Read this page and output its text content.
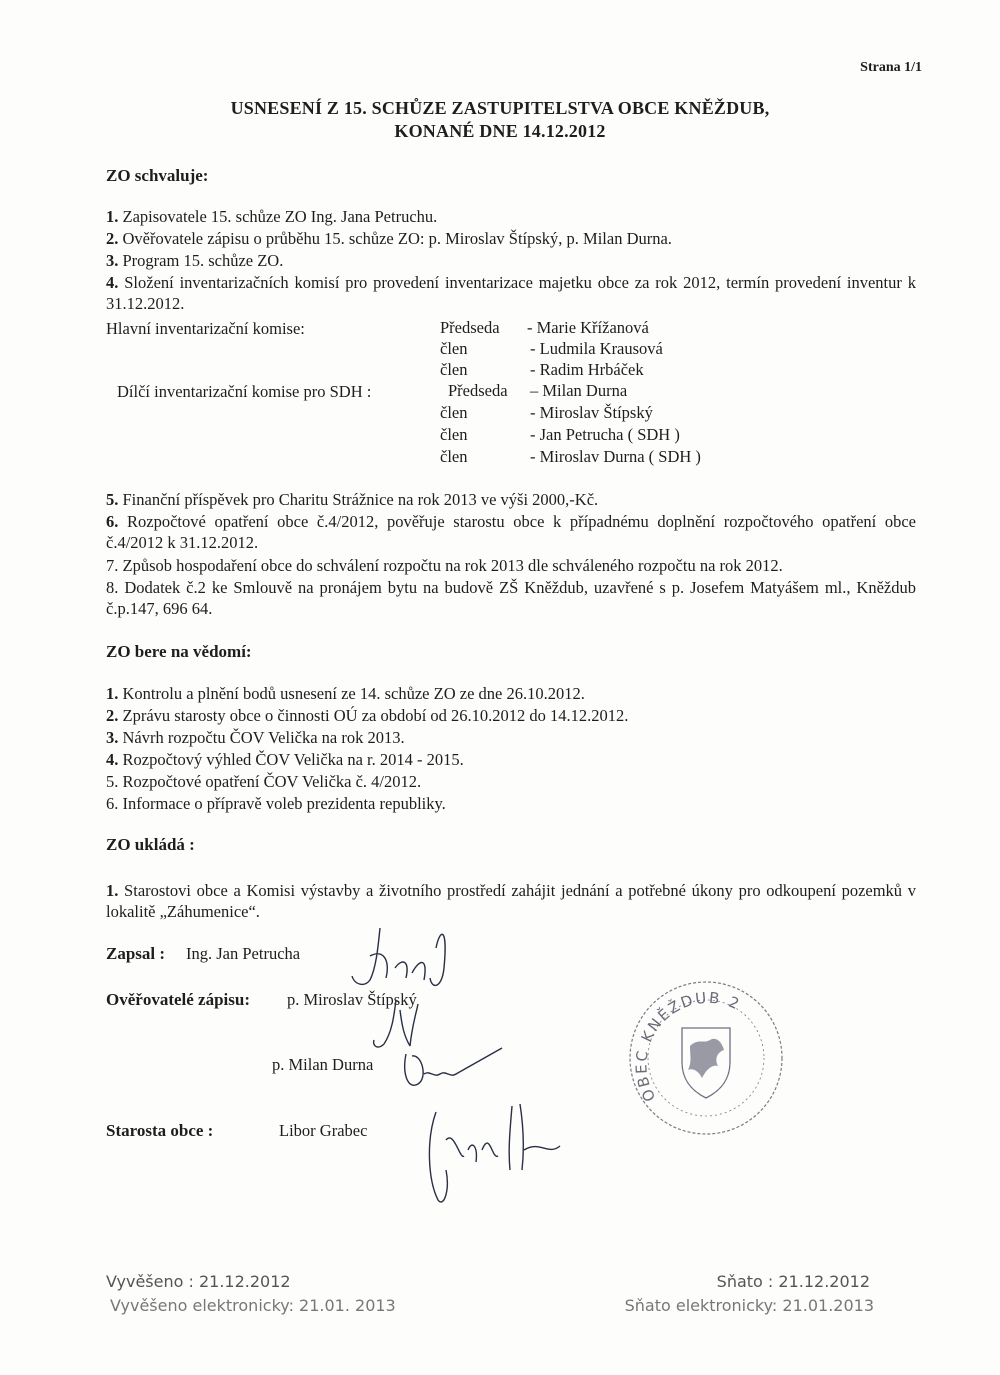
Strana 1/1
USNESENÍ Z 15. SCHŮZE ZASTUPITELSTVA OBCE KNĚŽDUB,
KONANÉ DNE 14.12.2012
ZO schvaluje:
1. Zapisovatele 15. schůze ZO Ing. Jana Petruchu.
2. Ověřovatele zápisu o průběhu 15. schůze ZO: p. Miroslav Štípský, p. Milan Durna.
3. Program 15. schůze ZO.
4. Složení inventarizačních komisí pro provedení inventarizace majetku obce za rok 2012, termín provedení inventur k 31.12.2012.
Hlavní inventarizační komise:	Předseda - Marie Křížanová
člen	- Ludmila Krausová
člen	- Radim Hrbáček
Dílčí inventarizační komise pro SDH :	Předseda – Milan Durna
člen	- Miroslav Štípský
člen	- Jan Petrucha ( SDH )
člen	- Miroslav Durna ( SDH )
5. Finanční příspěvek pro Charitu Strážnice na rok 2013 ve výši 2000,-Kč.
6. Rozpočtové opatření obce č.4/2012, pověřuje starostu obce k případnému doplnění rozpočtového opatření obce č.4/2012 k 31.12.2012.
7. Způsob hospodaření obce do schválení rozpočtu na rok 2013 dle schváleného rozpočtu na rok 2012.
8. Dodatek č.2 ke Smlouvě na pronájem bytu na budově ZŠ Kněždub, uzavřené s p. Josefem Matyášem ml., Kněždub č.p.147, 696 64.
ZO bere na vědomí:
1. Kontrolu a plnění bodů usnesení ze 14. schůze ZO ze dne 26.10.2012.
2. Zprávu starosty obce o činnosti OÚ za období od 26.10.2012 do 14.12.2012.
3. Návrh rozpočtu ČOV Velička na rok 2013.
4. Rozpočtový výhled ČOV Velička na r. 2014 - 2015.
5. Rozpočtové opatření ČOV Velička č. 4/2012.
6. Informace o přípravě voleb prezidenta republiky.
ZO ukládá :
1. Starostovi obce a Komisi výstavby a životního prostředí zahájit jednání a potřebné úkony pro odkoupení pozemků v lokalitě „Záhumenice“.
Zapsal : Ing. Jan Petrucha
Ověřovatelé zápisu: p. Miroslav Štípský
p. Milan Durna
Starosta obce :	Libor Grabec
OBEC KNĚŽDUB 2
Vyvěšeno : 21.12.2012
Vyvěšeno elektronicky: 21.01. 2013
Sňato : 21.12.2012
Sňato elektronicky: 21.01.2013
